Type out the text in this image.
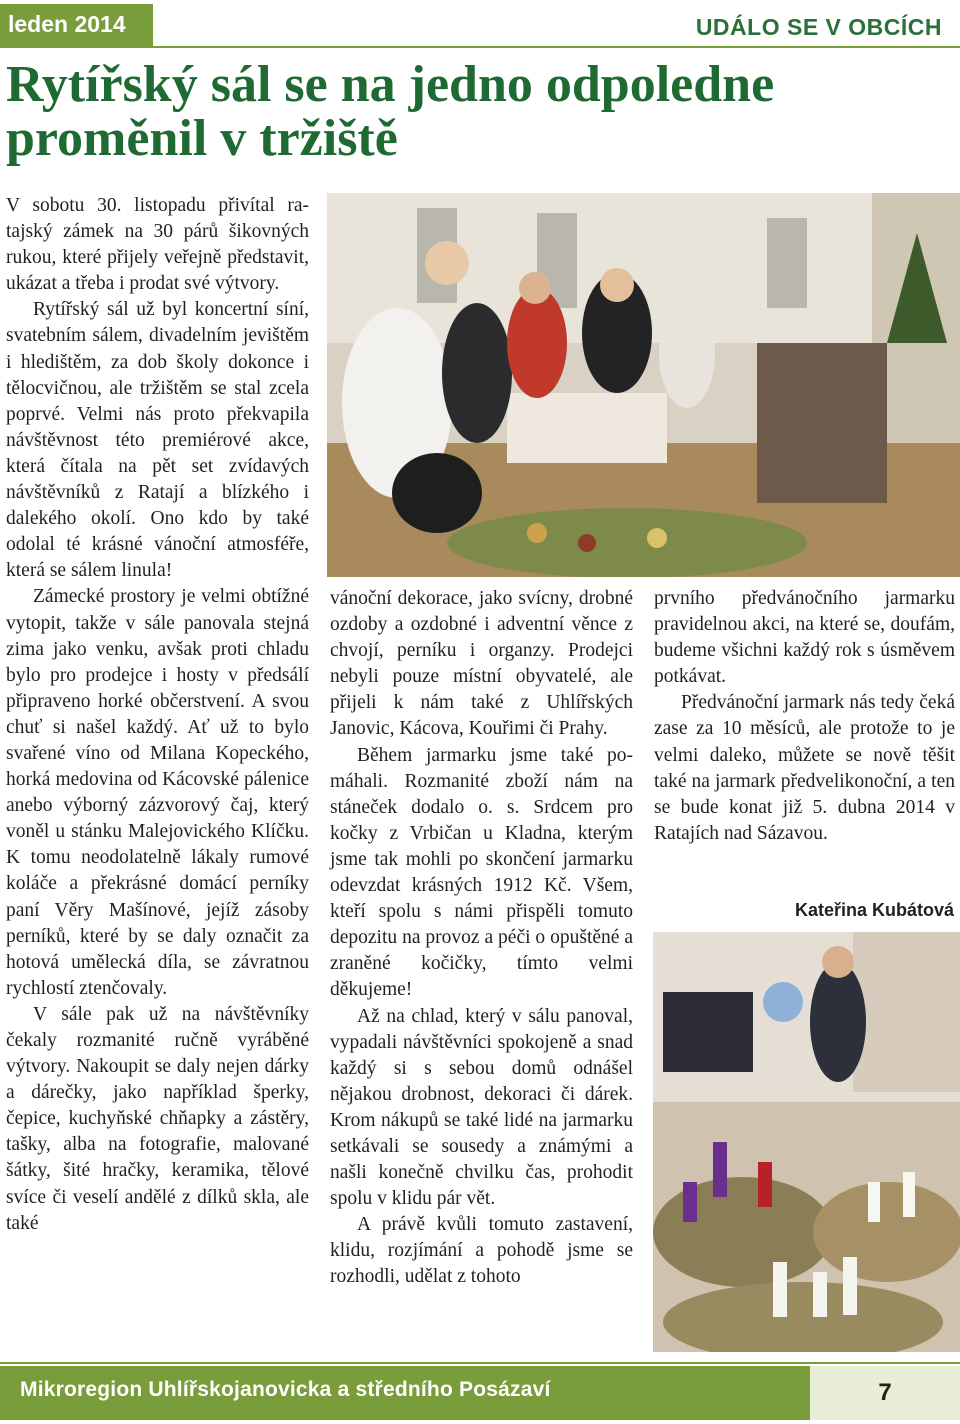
leden 2014	UDÁLO SE V OBCÍCH
Rytířský sál se na jedno odpoledne proměnil v tržiště

V sobotu 30. listopadu přivítal ratajský zámek na 30 párů šikovných rukou, které přijely veřejně představit, ukázat a třeba i prodat své výtvory.

Rytířský sál už byl koncertní síní, svatebním sálem, divadelním jevištěm i hledištěm, za dob školy dokonce i tělocvičnou, ale tržištěm se stal zcela poprvé. Velmi nás proto překvapila návštěvnost této premiérové akce, která čítala na pět set zvídavých návštěvníků z Ratají a blízkého i dalekého okolí. Ono kdo by také odolal té krásné vánoční atmosféře, která se sálem linula!

Zámecké prostory je velmi obtížné vytopit, takže v sále panovala stejná zima jako venku, avšak proti chladu bylo pro prodejce i hosty v předsálí připraveno horké občerstvení. A svou chuť si našel každý. Ať už to bylo svařené víno od Milana Kopeckého, horká medovina od Kácovské pálenice anebo výborný zázvorový čaj, který voněl u stánku Malejovického Klíčku. K tomu neodolatelně lákaly rumové koláče a překrásné domácí perníky paní Věry Mašínové, jejíž zásoby perníků, které by se daly označit za hotová umělecká díla, se závratnou rychlostí ztenčovaly.

V sále pak už na návštěvníky čekaly rozmanité ručně vyráběné výtvory. Nakoupit se daly nejen dárky a dárečky, jako například šperky, čepice, kuchyňské chňapky a zástěry, tašky, alba na fotografie, malované šátky, šité hračky, keramika, tělové svíce či veselí andělé z dílků skla, ale také

vánoční dekorace, jako svícny, drobné ozdoby a ozdobné i adventní věnce z chvojí, perníku i organzy. Prodejci nebyli pouze místní obyvatelé, ale přijeli k nám také z Uhlířských Janovic, Kácova, Kouřimi či Prahy.

Během jarmarku jsme také pomáhali. Rozmanité zboží nám na stáneček dodalo o. s. Srdcem pro kočky z Vrbičan u Kladna, kterým jsme tak mohli po skončení jarmarku odevzdat krásných 1912 Kč. Všem, kteří spolu s námi přispěli tomuto depozitu na provoz a péči o opuštěné a zraněné kočičky, tímto velmi děkujeme!

Až na chlad, který v sálu panoval, vypadali návštěvníci spokojeně a snad každý si s sebou domů odnášel nějakou drobnost, dekoraci či dárek. Krom nákupů se také lidé na jarmarku setkávali se sousedy a známými a našli konečně chvilku čas, prohodit spolu v klidu pár vět.

A právě kvůli tomuto zastavení, klidu, rozjímání a pohodě jsme se rozhodli, udělat z tohoto

prvního předvánočního jarmarku pravidelnou akci, na které se, doufám, budeme všichni každý rok s úsměvem potkávat.

Předvánoční jarmark nás tedy čeká zase za 10 měsíců, ale protože to je velmi daleko, můžete se nově těšit také na jarmark předvelikonoční, a ten se bude konat již 5. dubna 2014 v Ratajích nad Sázavou.

Kateřina Kubátová
Mikroregion Uhlířskojanovicka a středního Posázaví	7
